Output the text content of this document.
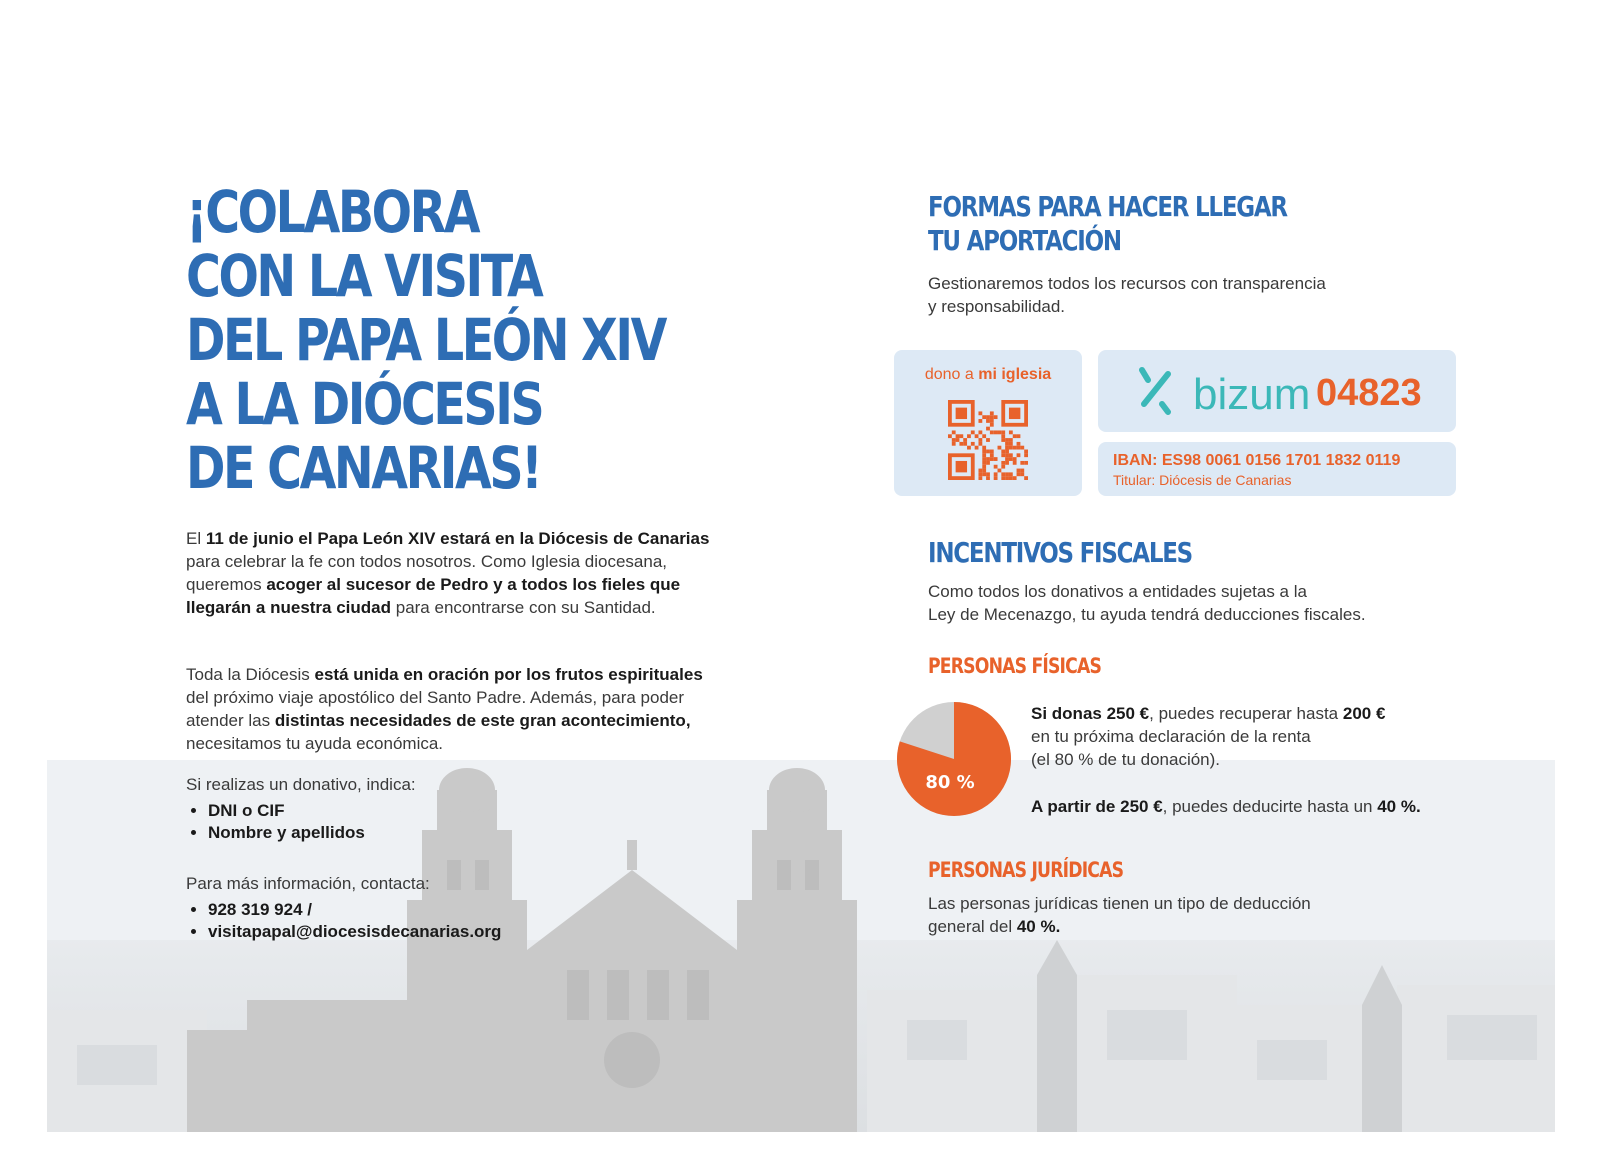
¡COLABORA
CON LA VISITA
DEL PAPA LEÓN XIV
A LA DIÓCESIS
DE CANARIAS!

El 11 de junio el Papa León XIV estará en la Diócesis de Canarias para celebrar la fe con todos nosotros. Como Iglesia diocesana, queremos acoger al sucesor de Pedro y a todos los fieles que llegarán a nuestra ciudad para encontrarse con su Santidad.

Toda la Diócesis está unida en oración por los frutos espirituales del próximo viaje apostólico del Santo Padre. Además, para poder atender las distintas necesidades de este gran acontecimiento, necesitamos tu ayuda económica.

Si realizas un donativo, indica:

• DNI o CIF
• Nombre y apellidos

Para más información, contacta:

• 928 319 924 /
• visitapapal@diocesisdecanarias.org
FORMAS PARA HACER LLEGAR
TU APORTACIÓN

Gestionaremos todos los recursos con transparencia
y responsabilidad.

dono a mi iglesia	bizum 04823
IBAN: ES98 0061 0156 1701 1832 0119
Titular: Diócesis de Canarias
INCENTIVOS FISCALES

Como todos los donativos a entidades sujetas a la
Ley de Mecenazgo, tu ayuda tendrá deducciones fiscales.

PERSONAS FÍSICAS
80 %

Si donas 250 €, puedes recuperar hasta 200 €
en tu próxima declaración de la renta
(el 80 % de tu donación).

A partir de 250 €, puedes deducirte hasta un 40 %.

PERSONAS JURÍDICAS

Las personas jurídicas tienen un tipo de deducción
general del 40 %.
